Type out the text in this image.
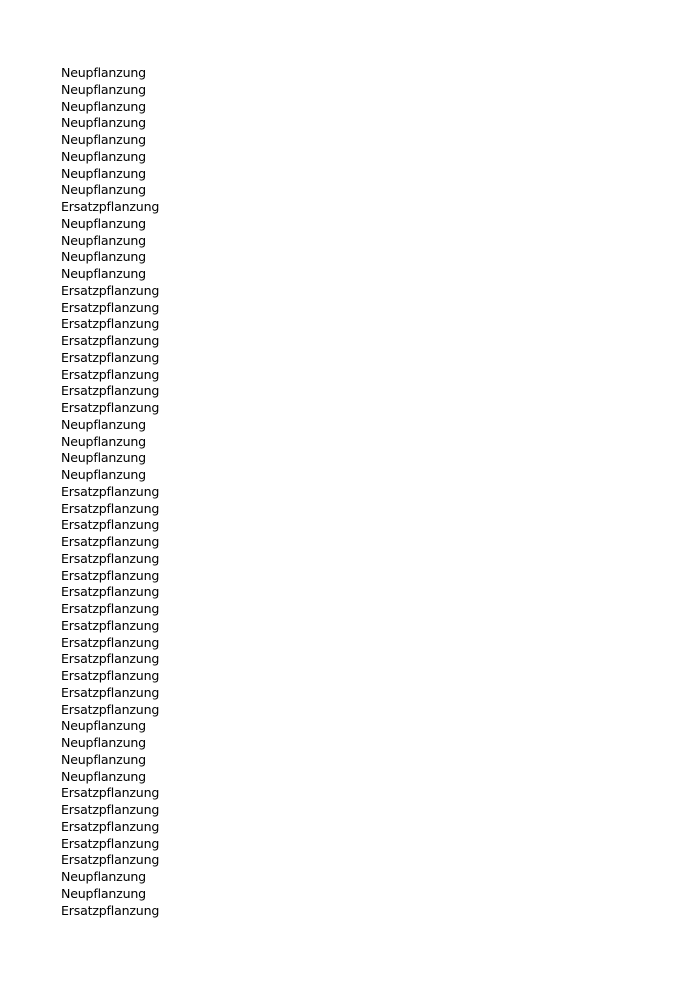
Neupflanzung
Neupflanzung
Neupflanzung
Neupflanzung
Neupflanzung
Neupflanzung
Neupflanzung
Neupflanzung
Ersatzpflanzung
Neupflanzung
Neupflanzung
Neupflanzung
Neupflanzung
Ersatzpflanzung
Ersatzpflanzung
Ersatzpflanzung
Ersatzpflanzung
Ersatzpflanzung
Ersatzpflanzung
Ersatzpflanzung
Ersatzpflanzung
Neupflanzung
Neupflanzung
Neupflanzung
Neupflanzung
Ersatzpflanzung
Ersatzpflanzung
Ersatzpflanzung
Ersatzpflanzung
Ersatzpflanzung
Ersatzpflanzung
Ersatzpflanzung
Ersatzpflanzung
Ersatzpflanzung
Ersatzpflanzung
Ersatzpflanzung
Ersatzpflanzung
Ersatzpflanzung
Ersatzpflanzung
Neupflanzung
Neupflanzung
Neupflanzung
Neupflanzung
Ersatzpflanzung
Ersatzpflanzung
Ersatzpflanzung
Ersatzpflanzung
Ersatzpflanzung
Neupflanzung
Neupflanzung
Ersatzpflanzung
